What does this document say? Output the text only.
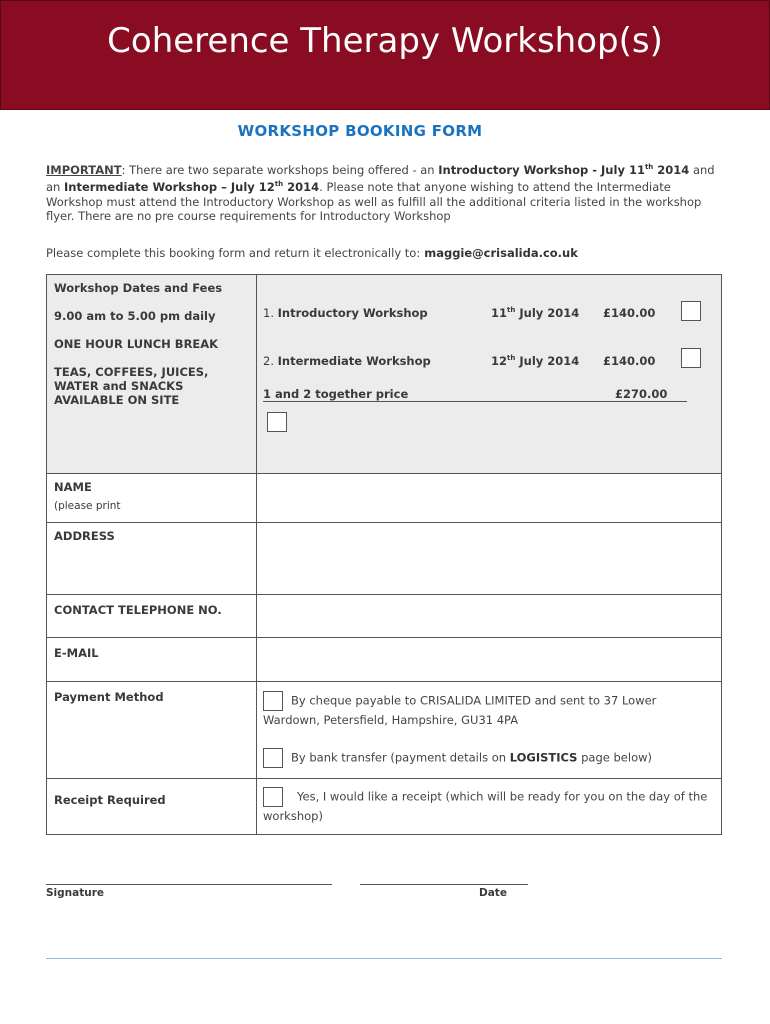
Coherence Therapy Workshop(s)
WORKSHOP BOOKING FORM
IMPORTANT: There are two separate workshops being offered - an Introductory Workshop - July 11th 2014 and an Intermediate Workshop – July 12th 2014. Please note that anyone wishing to attend the Intermediate Workshop must attend the Introductory Workshop as well as fulfill all the additional criteria listed in the workshop flyer. There are no pre course requirements for Introductory Workshop
Please complete this booking form and return it electronically to: maggie@crisalida.co.uk

Workshop Dates and Fees

9.00 am to 5.00 pm daily

ONE HOUR LUNCH BREAK

TEAS, COFFEES, JUICES, WATER and SNACKS AVAILABLE ON SITE

1. Introductory Workshop	11th July 2014 £140.00
2. Intermediate Workshop	12th July 2014 £140.00
1 and 2 together price	£270.00
NAME
(please print
ADDRESS
CONTACT TELEPHONE NO.
E-MAIL
Payment Method	By cheque payable to CRISALIDA LIMITED and sent to 37 Lower Wardown, Petersfield, Hampshire, GU31 4PA
By bank transfer (payment details on LOGISTICS page below)
Receipt Required	Yes, I would like a receipt (which will be ready for you on the day of the workshop)
Signature	Date
